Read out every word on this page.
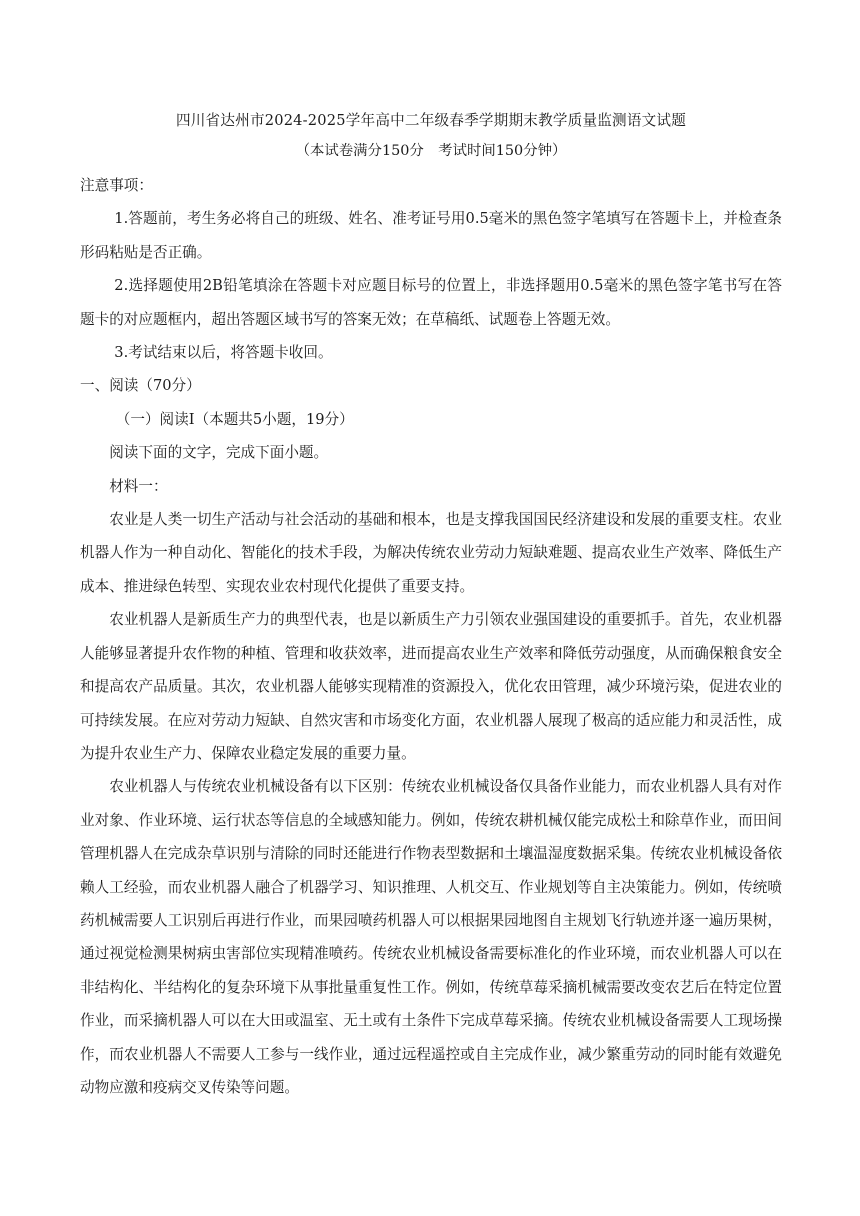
四川省达州市2024-2025学年高中二年级春季学期期末教学质量监测语文试题
（本试卷满分150分　考试时间150分钟）

注意事项：

1.答题前，考生务必将自己的班级、姓名、准考证号用0.5毫米的黑色签字笔填写在答题卡上，并检查条形码粘贴是否正确。

2.选择题使用2B铅笔填涂在答题卡对应题目标号的位置上，非选择题用0.5毫米的黑色签字笔书写在答题卡的对应题框内，超出答题区域书写的答案无效；在草稿纸、试题卷上答题无效。

3.考试结束以后，将答题卡收回。

一、阅读（70分）

（一）阅读Ⅰ（本题共5小题，19分）

阅读下面的文字，完成下面小题。

材料一：

农业是人类一切生产活动与社会活动的基础和根本，也是支撑我国国民经济建设和发展的重要支柱。农业机器人作为一种自动化、智能化的技术手段，为解决传统农业劳动力短缺难题、提高农业生产效率、降低生产成本、推进绿色转型、实现农业农村现代化提供了重要支持。

农业机器人是新质生产力的典型代表，也是以新质生产力引领农业强国建设的重要抓手。首先，农业机器人能够显著提升农作物的种植、管理和收获效率，进而提高农业生产效率和降低劳动强度，从而确保粮食安全和提高农产品质量。其次，农业机器人能够实现精准的资源投入，优化农田管理，减少环境污染，促进农业的可持续发展。在应对劳动力短缺、自然灾害和市场变化方面，农业机器人展现了极高的适应能力和灵活性，成为提升农业生产力、保障农业稳定发展的重要力量。

农业机器人与传统农业机械设备有以下区别：传统农业机械设备仅具备作业能力，而农业机器人具有对作业对象、作业环境、运行状态等信息的全域感知能力。例如，传统农耕机械仅能完成松土和除草作业，而田间管理机器人在完成杂草识别与清除的同时还能进行作物表型数据和土壤温湿度数据采集。传统农业机械设备依赖人工经验，而农业机器人融合了机器学习、知识推理、人机交互、作业规划等自主决策能力。例如，传统喷药机械需要人工识别后再进行作业，而果园喷药机器人可以根据果园地图自主规划飞行轨迹并逐一遍历果树，通过视觉检测果树病虫害部位实现精准喷药。传统农业机械设备需要标准化的作业环境，而农业机器人可以在非结构化、半结构化的复杂环境下从事批量重复性工作。例如，传统草莓采摘机械需要改变农艺后在特定位置作业，而采摘机器人可以在大田或温室、无土或有土条件下完成草莓采摘。传统农业机械设备需要人工现场操作，而农业机器人不需要人工参与一线作业，通过远程遥控或自主完成作业，减少繁重劳动的同时能有效避免动物应激和疫病交叉传染等问题。
